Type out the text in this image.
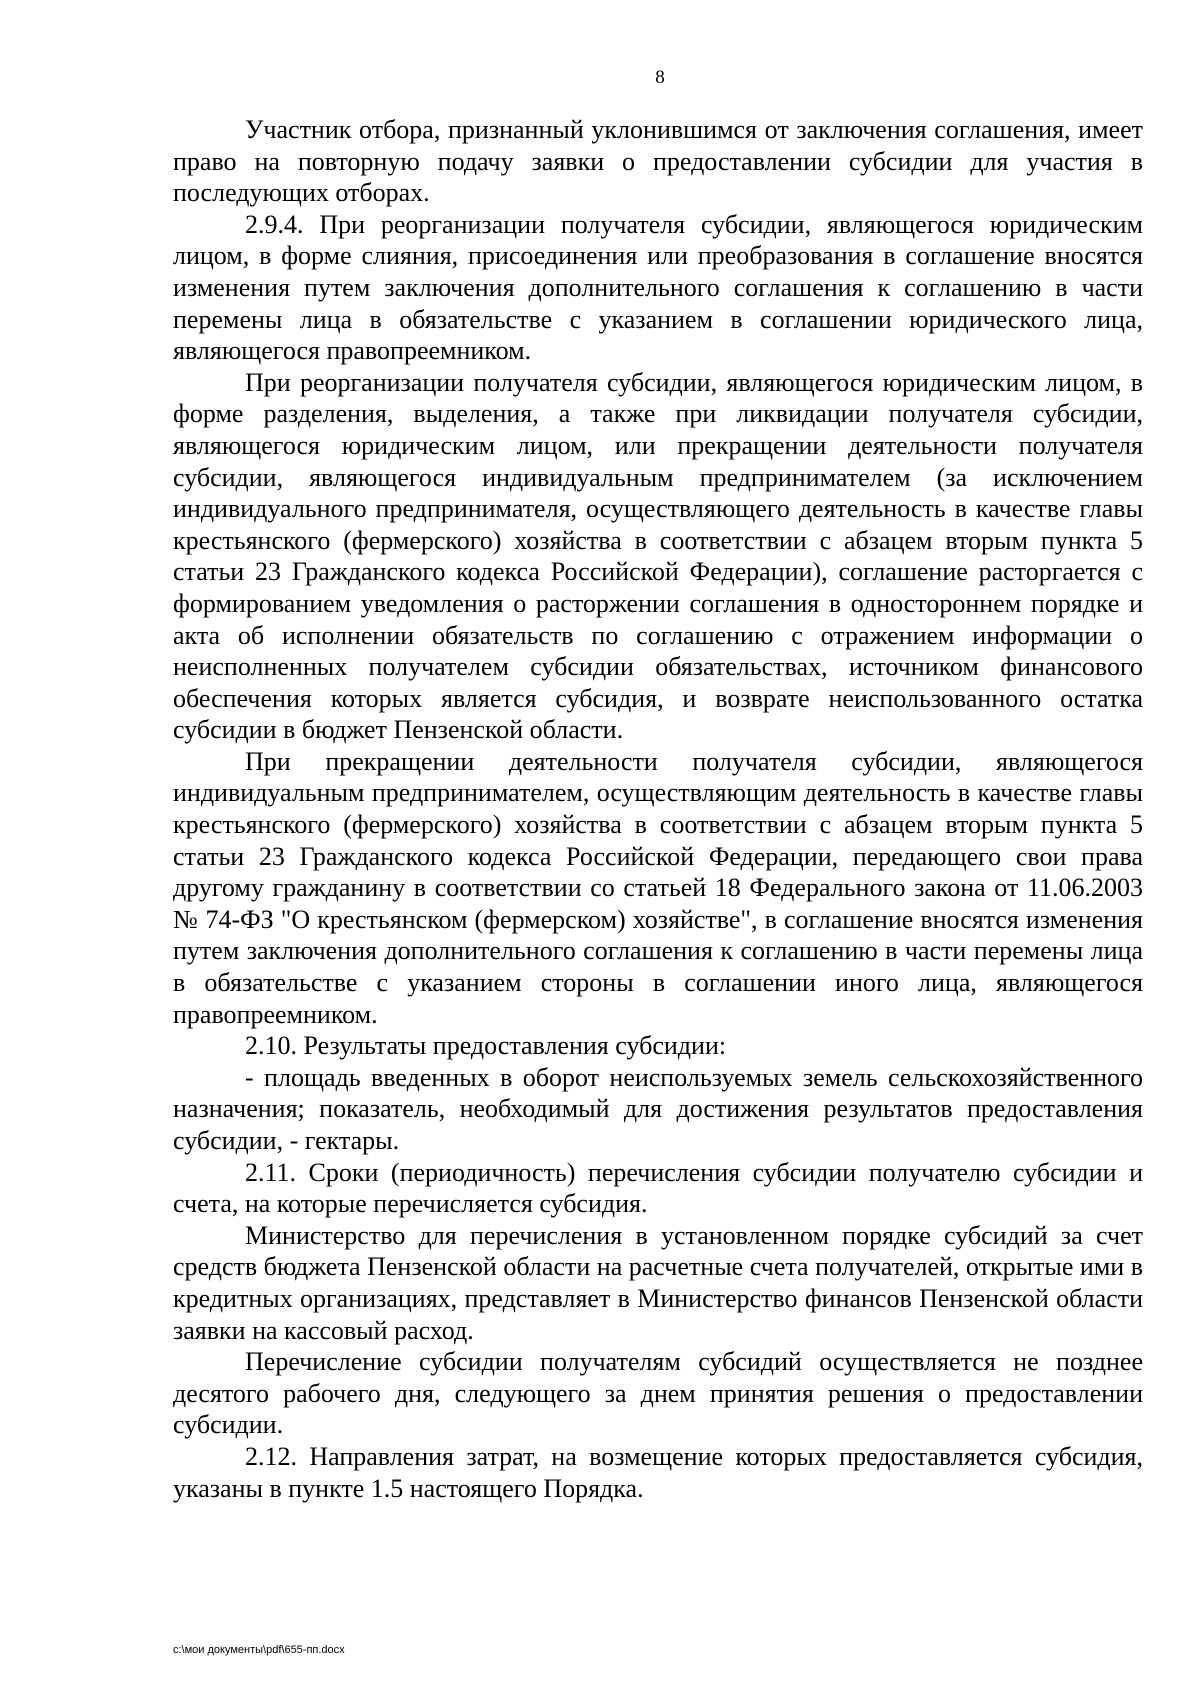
8

Участник отбора, признанный уклонившимся от заключения соглашения, имеет право на повторную подачу заявки о предоставлении субсидии для участия в последующих отборах.

2.9.4. При реорганизации получателя субсидии, являющегося юридическим лицом, в форме слияния, присоединения или преобразования в соглашение вносятся изменения путем заключения дополнительного соглашения к соглашению в части перемены лица в обязательстве с указанием в соглашении юридического лица, являющегося правопреемником.

При реорганизации получателя субсидии, являющегося юридическим лицом, в форме разделения, выделения, а также при ликвидации получателя субсидии, являющегося юридическим лицом, или прекращении деятельности получателя субсидии, являющегося индивидуальным предпринимателем (за исключением индивидуального предпринимателя, осуществляющего деятельность в качестве главы крестьянского (фермерского) хозяйства в соответствии с абзацем вторым пункта 5 статьи 23 Гражданского кодекса Российской Федерации), соглашение расторгается с формированием уведомления о расторжении соглашения в одностороннем порядке и акта об исполнении обязательств по соглашению с отражением информации о неисполненных получателем субсидии обязательствах, источником финансового обеспечения которых является субсидия, и возврате неиспользованного остатка субсидии в бюджет Пензенской области.

При прекращении деятельности получателя субсидии, являющегося индивидуальным предпринимателем, осуществляющим деятельность в качестве главы крестьянского (фермерского) хозяйства в соответствии с абзацем вторым пункта 5 статьи 23 Гражданского кодекса Российской Федерации, передающего свои права другому гражданину в соответствии со статьей 18 Федерального закона от 11.06.2003 № 74-ФЗ "О крестьянском (фермерском) хозяйстве", в соглашение вносятся изменения путем заключения дополнительного соглашения к соглашению в части перемены лица в обязательстве с указанием стороны в соглашении иного лица, являющегося правопреемником.

2.10. Результаты предоставления субсидии:

- площадь введенных в оборот неиспользуемых земель сельскохозяйственного назначения; показатель, необходимый для достижения результатов предоставления субсидии, - гектары.

2.11. Сроки (периодичность) перечисления субсидии получателю субсидии и счета, на которые перечисляется субсидия.

Министерство для перечисления в установленном порядке субсидий за счет средств бюджета Пензенской области на расчетные счета получателей, открытые ими в кредитных организациях, представляет в Министерство финансов Пензенской области заявки на кассовый расход.

Перечисление субсидии получателям субсидий осуществляется не позднее десятого рабочего дня, следующего за днем принятия решения о предоставлении субсидии.

2.12. Направления затрат, на возмещение которых предоставляется субсидия, указаны в пункте 1.5 настоящего Порядка.

c:\мои документы\pdf\655-пп.docx
